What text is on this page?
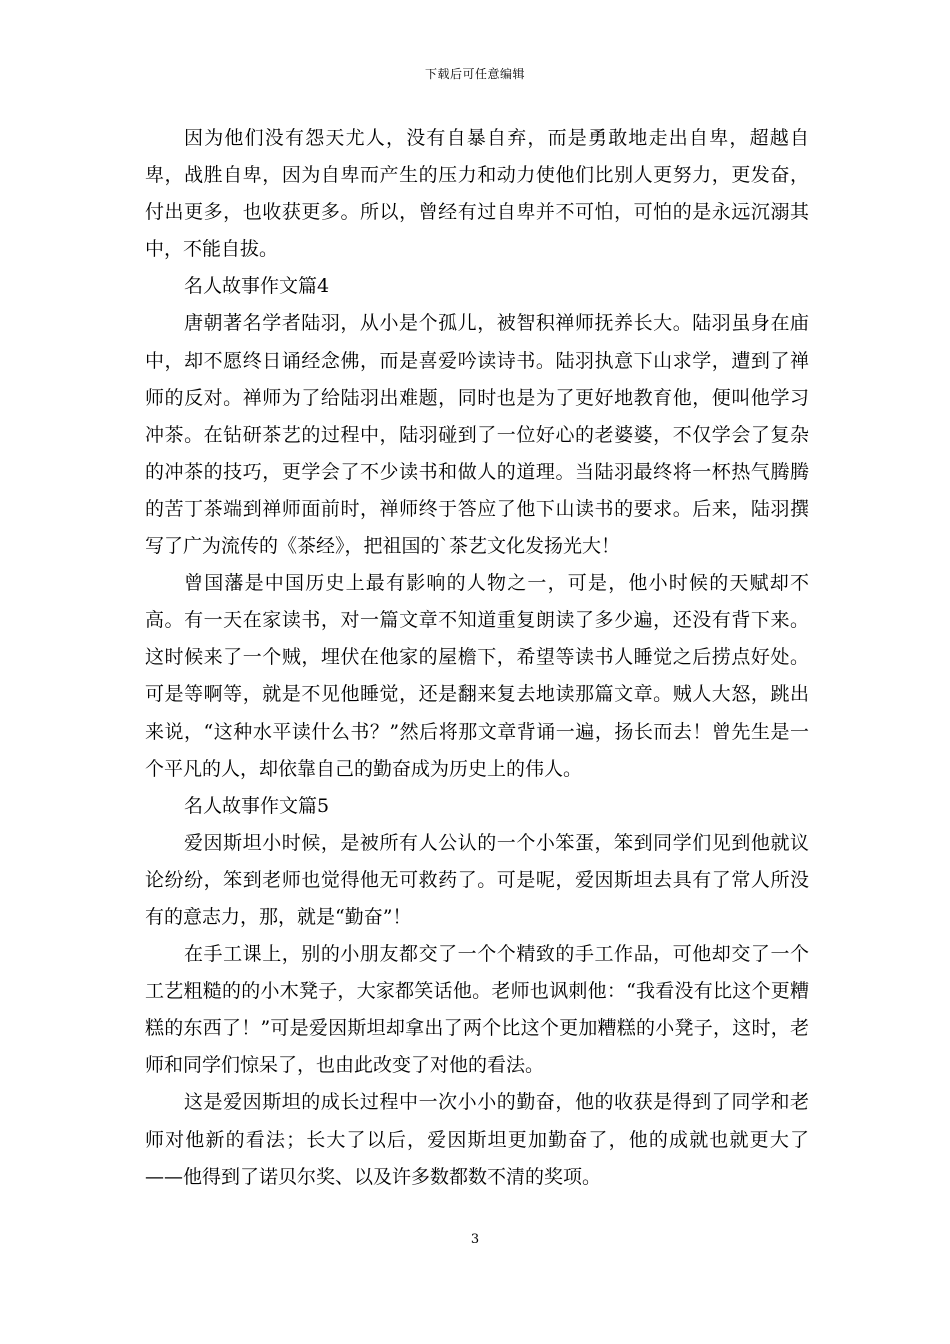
下载后可任意编辑

因为他们没有怨天尤人，没有自暴自弃，而是勇敢地走出自卑，超越自卑，战胜自卑，因为自卑而产生的压力和动力使他们比别人更努力，更发奋，付出更多，也收获更多。所以，曾经有过自卑并不可怕，可怕的是永远沉溺其中，不能自拔。

名人故事作文篇4

唐朝著名学者陆羽，从小是个孤儿，被智积禅师抚养长大。陆羽虽身在庙中，却不愿终日诵经念佛，而是喜爱吟读诗书。陆羽执意下山求学，遭到了禅师的反对。禅师为了给陆羽出难题，同时也是为了更好地教育他，便叫他学习冲茶。在钻研茶艺的过程中，陆羽碰到了一位好心的老婆婆，不仅学会了复杂的冲茶的技巧，更学会了不少读书和做人的道理。当陆羽最终将一杯热气腾腾的苦丁茶端到禅师面前时，禅师终于答应了他下山读书的要求。后来，陆羽撰写了广为流传的《茶经》，把祖国的`茶艺文化发扬光大！

曾国藩是中国历史上最有影响的人物之一，可是，他小时候的天赋却不高。有一天在家读书，对一篇文章不知道重复朗读了多少遍，还没有背下来。这时候来了一个贼，埋伏在他家的屋檐下，希望等读书人睡觉之后捞点好处。可是等啊等，就是不见他睡觉，还是翻来复去地读那篇文章。贼人大怒，跳出来说，“这种水平读什么书？”然后将那文章背诵一遍，扬长而去！曾先生是一个平凡的人，却依靠自己的勤奋成为历史上的伟人。

名人故事作文篇5

爱因斯坦小时候，是被所有人公认的一个小笨蛋，笨到同学们见到他就议论纷纷，笨到老师也觉得他无可救药了。可是呢，爱因斯坦去具有了常人所没有的意志力，那，就是“勤奋”！

在手工课上，别的小朋友都交了一个个精致的手工作品，可他却交了一个工艺粗糙的的小木凳子，大家都笑话他。老师也讽刺他：“我看没有比这个更糟糕的东西了！”可是爱因斯坦却拿出了两个比这个更加糟糕的小凳子，这时，老师和同学们惊呆了，也由此改变了对他的看法。

这是爱因斯坦的成长过程中一次小小的勤奋，他的收获是得到了同学和老师对他新的看法；长大了以后，爱因斯坦更加勤奋了，他的成就也就更大了——他得到了诺贝尔奖、以及许多数都数不清的奖项。

3
